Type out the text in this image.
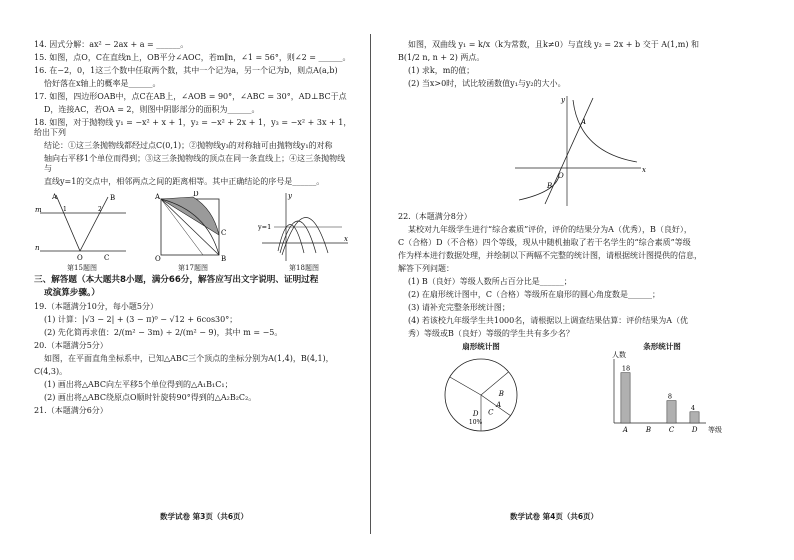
14. 因式分解：ax² − 2ax + a = ______。

15. 如图，点O，C在直线n上，OB平分∠AOC，若m∥n，∠1 = 56°，则∠2 = ______。

16. 在−2，0，1这三个数中任取两个数，其中一个记为a，另一个记为b，则点A(a,b)

恰好落在x轴上的概率是______。

17. 如图，四边形OAB中，点C在AB上，∠AOB = 90°，∠ABC = 30°，AD⊥BC于点

D，连接AC，若OA = 2，则图中阴影部分的面积为______。

18. 如图，对于抛物线 y₁ = −x² + x + 1，y₂ = −x² + 2x + 1，y₃ = −x² + 3x + 1，给出下列

结论：①这三条抛物线都经过点C(0,1)；②抛物线y₃的对称轴可由抛物线y₁的对称

轴向右平移1个单位而得到；③这三条抛物线的顶点在同一条直线上；④这三条抛物线与

直线y=1的交点中，相邻两点之间的距离相等。其中正确结论的序号是______。

A	B
m
n
O	C
1	2
第15题图
A	D
C
B
O
第17题图
y
x
y=1
第18题图

三、解答题（本大题共8小题，满分66分，解答应写出文字说明、证明过程

或演算步骤。）

19.（本题满分10分，每小题5分）

(1) 计算：|√3 − 2| + (3 − π)⁰ − √12 + 6cos30°；

(2) 先化简再求值：2/(m² − 3m) ÷ 2/(m² − 9)，其中 m = −5。

20.（本题满分5分）

如图，在平面直角坐标系中，已知△ABC三个顶点的坐标分别为A(1,4)，B(4,1)，

C(4,3)。

(1) 画出将△ABC向左平移5个单位得到的△A₁B₁C₁；

(2) 画出将△ABC绕原点O顺时针旋转90°得到的△A₂B₂C₂。

21.（本题满分6分）

数学试卷 第3页（共6页）

如图，双曲线 y₁ = k/x（k为常数，且k≠0）与直线 y₂ = 2x + b 交于 A(1,m) 和

B(1/2 n, n + 2) 两点。

(1) 求k，m的值；

(2) 当x>0时，试比较函数值y₁与y₂的大小。

y
x
A
B
O

22.（本题满分8分）

某校对九年级学生进行“综合素质”评价，评价的结果分为A（优秀），B（良好），

C（合格）D（不合格）四个等级，现从中随机抽取了若干名学生的“综合素质”等级

作为样本进行数据处理，并绘制以下两幅不完整的统计图，请根据统计图提供的信息，

解答下列问题：

(1) B（良好）等级人数所占百分比是______；

(2) 在扇形统计图中，C（合格）等级所在扇形的圆心角度数是______；

(3) 请补充完整条形统计图；

(4) 若该校九年级学生共1000名，请根据以上调查结果估算：评价结果为A（优

秀）等级或B（良好）等级的学生共有多少名？

扇形统计图
A
B
C
D
10%
条形统计图
人数
等级
18
A	B
8
C
4
D
数学试卷 第4页（共6页）
